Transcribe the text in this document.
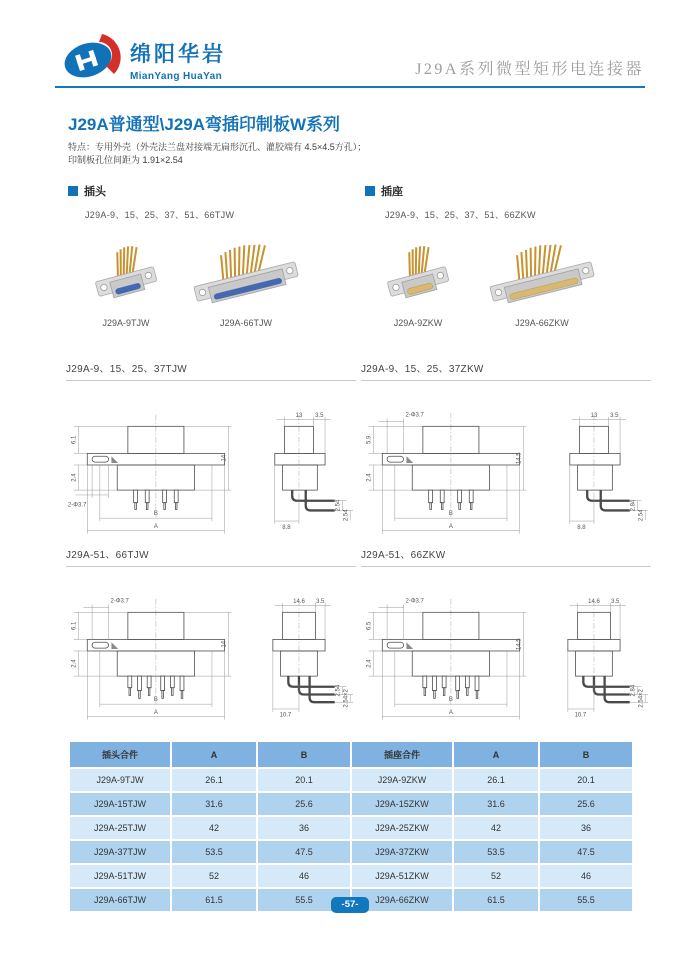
绵阳华岩
MianYang HuaYan	J29A系列微型矩形电连接器
J29A普通型\J29A弯插印制板W系列
特点：专用外壳（外壳法兰盘对接端无扁形沉孔、灌胶端有 4.5×4.5方孔）；
印制板孔位间距为 1.91×2.54
插头	插座
J29A-9、15、25、37、51、66TJW	J29A-9、15、25、37、51、66ZKW
J29A-9TJW	J29A-66TJW	J29A-9ZKW	J29A-66ZKW
J29A-9、15、25、37TJW
A
B
6.1
2.4
14
2-Φ3.7
13 3.5
2.54
2.54
8.8
J29A-9、15、25、37ZKW
2-Φ3.7
A
B
5.9
2.4
14.5
13 3.5
2.84
2.54
8.8
J29A-51、66TJW
2-Φ3.7
A
B
6.1
2.4
14
14.6 3.5
2.54 2.54×2
10.7
J29A-51、66ZKW
2-Φ3.7
A
B
6.5
2.4
14.5
14.6 3.5
2.84 2.54×2
10.7
插头合件	A	B	插座合件	A	B
J29A-9TJW	26.1	20.1	J29A-9ZKW	26.1	20.1
J29A-15TJW	31.6	25.6	J29A-15ZKW	31.6	25.6
J29A-25TJW	42	36	J29A-25ZKW	42	36
J29A-37TJW	53.5	47.5	J29A-37ZKW	53.5	47.5
J29A-51TJW	52	46	J29A-51ZKW	52	46
J29A-66TJW	61.5	55.5	J29A-66ZKW	61.5	55.5
-57-
